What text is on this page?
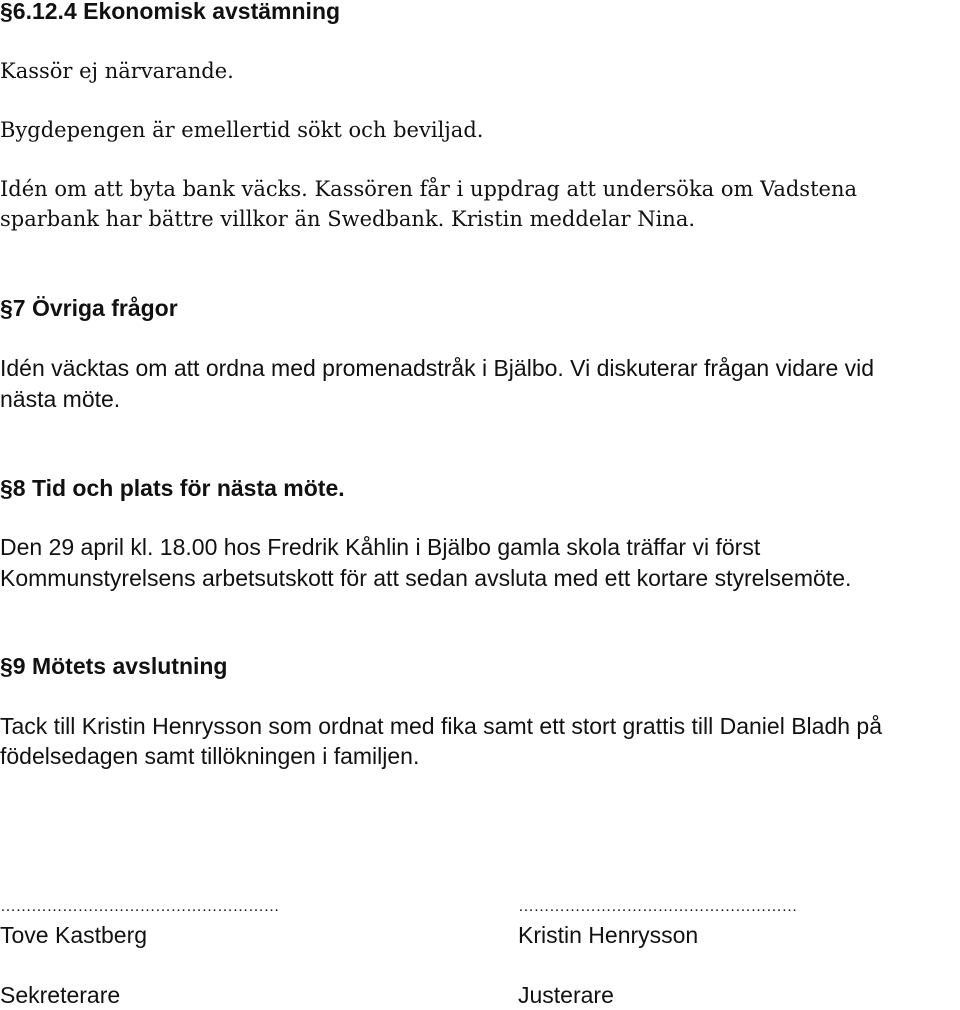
§6.12.4 Ekonomisk avstämning
Kassör ej närvarande.
Bygdepengen är emellertid sökt och beviljad.
Idén om att byta bank väcks. Kassören får i uppdrag att undersöka om Vadstena
sparbank har bättre villkor än Swedbank. Kristin meddelar Nina.
§7 Övriga frågor
Idén väcktas om att ordna med promenadstråk i Bjälbo. Vi diskuterar frågan vidare vid
nästa möte.
§8 Tid och plats för nästa möte.
Den 29 april kl. 18.00 hos Fredrik Kåhlin i Bjälbo gamla skola träffar vi först
Kommunstyrelsens arbetsutskott för att sedan avsluta med ett kortare styrelsemöte.
§9 Mötets avslutning
Tack till Kristin Henrysson som ordnat med fika samt ett stort grattis till Daniel Bladh på
födelsedagen samt tillökningen i familjen.
………………………………………………
Tove Kastberg
Sekreterare
………………………………………………
Kristin Henrysson
Justerare
